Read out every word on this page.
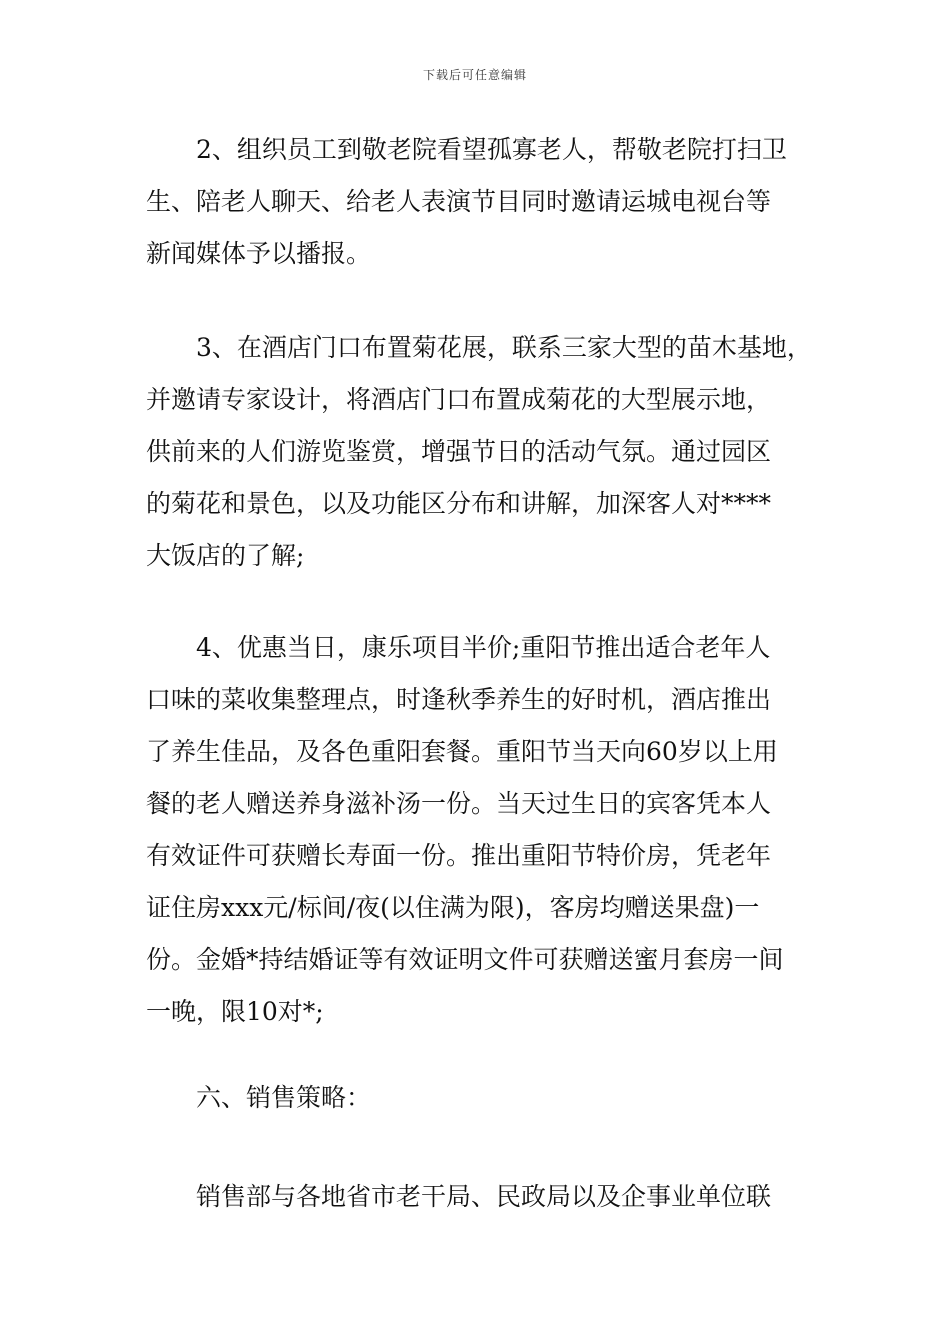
下载后可任意编辑
2、组织员工到敬老院看望孤寡老人，帮敬老院打扫卫
生、陪老人聊天、给老人表演节目同时邀请运城电视台等
新闻媒体予以播报。
3、在酒店门口布置菊花展，联系三家大型的苗木基地，
并邀请专家设计，将酒店门口布置成菊花的大型展示地，
供前来的人们游览鉴赏，增强节日的活动气氛。通过园区
的菊花和景色，以及功能区分布和讲解，加深客人对****
大饭店的了解;
4、优惠当日，康乐项目半价;重阳节推出适合老年人
口味的菜收集整理点，时逢秋季养生的好时机，酒店推出
了养生佳品，及各色重阳套餐。重阳节当天向60岁以上用
餐的老人赠送养身滋补汤一份。当天过生日的宾客凭本人
有效证件可获赠长寿面一份。推出重阳节特价房，凭老年
证住房xxx元/标间/夜(以住满为限)，客房均赠送果盘)一
份。金婚*持结婚证等有效证明文件可获赠送蜜月套房一间
一晚，限10对*;
六、销售策略：
销售部与各地省市老干局、民政局以及企事业单位联
